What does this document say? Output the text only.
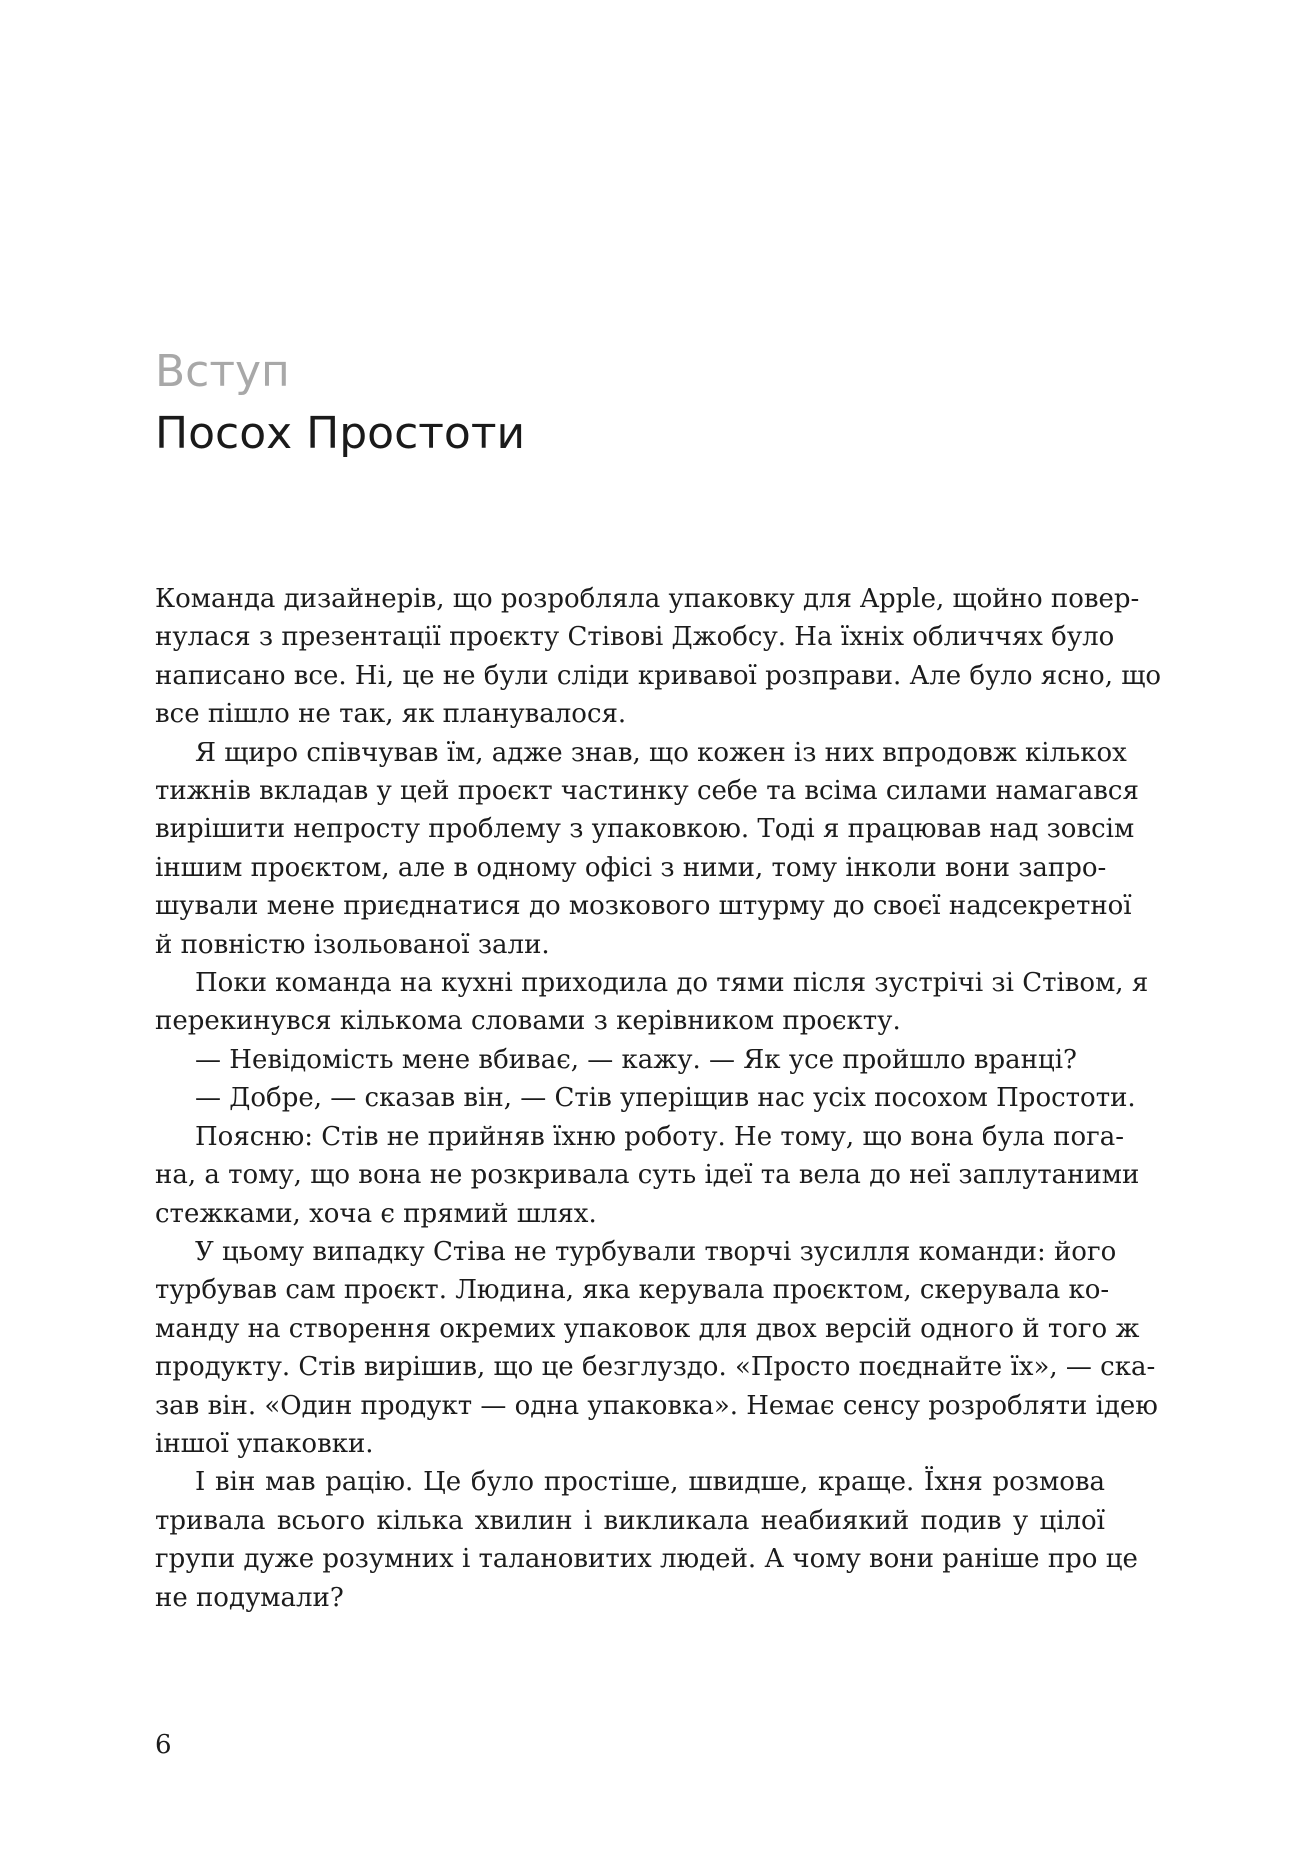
Вступ
Посох Простоти
Команда дизайнерів, що розробляла упаковку для Apple, щойно повер-
нулася з презентації проєкту Стівові Джобсу. На їхніх обличчях було
написано все. Ні, це не були сліди кривавої розправи. Але було ясно, що
все пішло не так, як планувалося.
Я щиро співчував їм, адже знав, що кожен із них впродовж кількох
тижнів вкладав у цей проєкт частинку себе та всіма силами намагався
вирішити непросту проблему з упаковкою. Тоді я працював над зовсім
іншим проєктом, але в одному офісі з ними, тому інколи вони запро-
шували мене приєднатися до мозкового штурму до своєї надсекретної
й повністю ізольованої зали.
Поки команда на кухні приходила до тями після зустрічі зі Стівом, я
перекинувся кількома словами з керівником проєкту.
— Невідомість мене вбиває, — кажу. — Як усе пройшло вранці?
— Добре, — сказав він, — Стів уперіщив нас усіх посохом Простоти.
Поясню: Стів не прийняв їхню роботу. Не тому, що вона була пога-
на, а тому, що вона не розкривала суть ідеї та вела до неї заплутаними
стежками, хоча є прямий шлях.
У цьому випадку Стіва не турбували творчі зусилля команди: його
турбував сам проєкт. Людина, яка керувала проєктом, скерувала ко-
манду на створення окремих упаковок для двох версій одного й того ж
продукту. Стів вирішив, що це безглуздо. «Просто поєднайте їх», — ска-
зав він. «Один продукт — одна упаковка». Немає сенсу розробляти ідею
іншої упаковки.
І він мав рацію. Це було простіше, швидше, краще. Їхня розмова
тривала всього кілька хвилин і викликала неабиякий подив у цілої
групи дуже розумних і талановитих людей. А чому вони раніше про це
не подумали?
6
